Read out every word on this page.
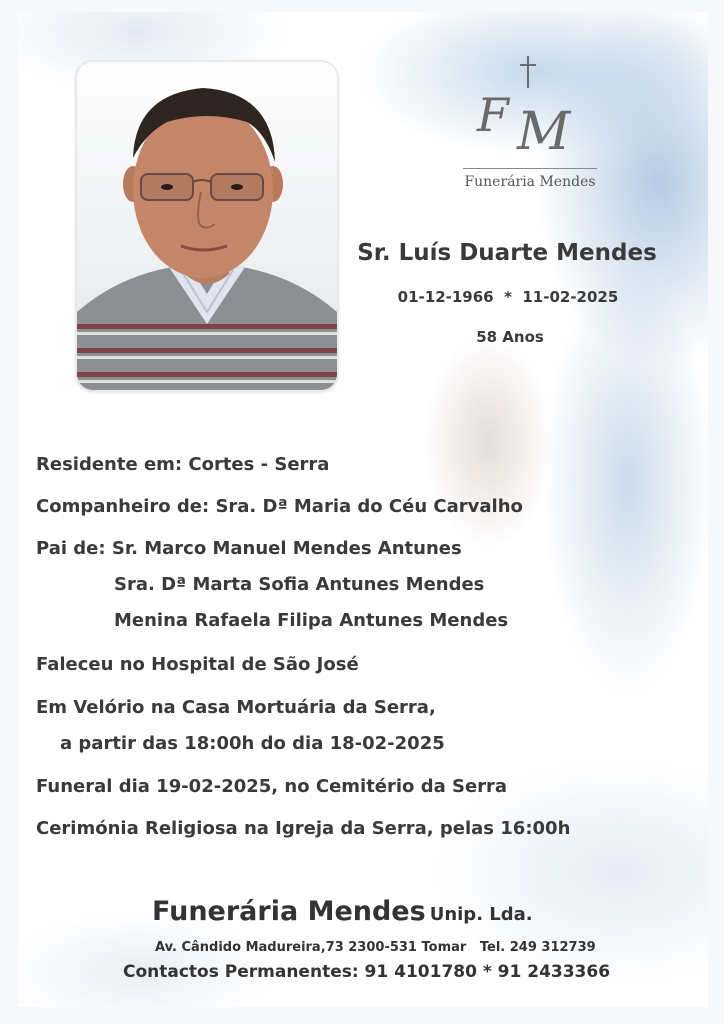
F M
Funerária Mendes
Sr. Luís Duarte Mendes
01-12-1966  *  11-02-2025
58 Anos
Residente em: Cortes - Serra
Companheiro de: Sra. Dª Maria do Céu Carvalho
Pai de: Sr. Marco Manuel Mendes Antunes
Sra. Dª Marta Sofia Antunes Mendes
Menina Rafaela Filipa Antunes Mendes
Faleceu no Hospital de São José
Em Velório na Casa Mortuária da Serra,
a partir das 18:00h do dia 18-02-2025
Funeral dia 19-02-2025, no Cemitério da Serra
Cerimónia Religiosa na Igreja da Serra, pelas 16:00h
Funerária Mendes Unip. Lda.
Av. Cândido Madureira,73 2300-531 Tomar   Tel. 249 312739
Contactos Permanentes: 91 4101780 * 91 2433366
